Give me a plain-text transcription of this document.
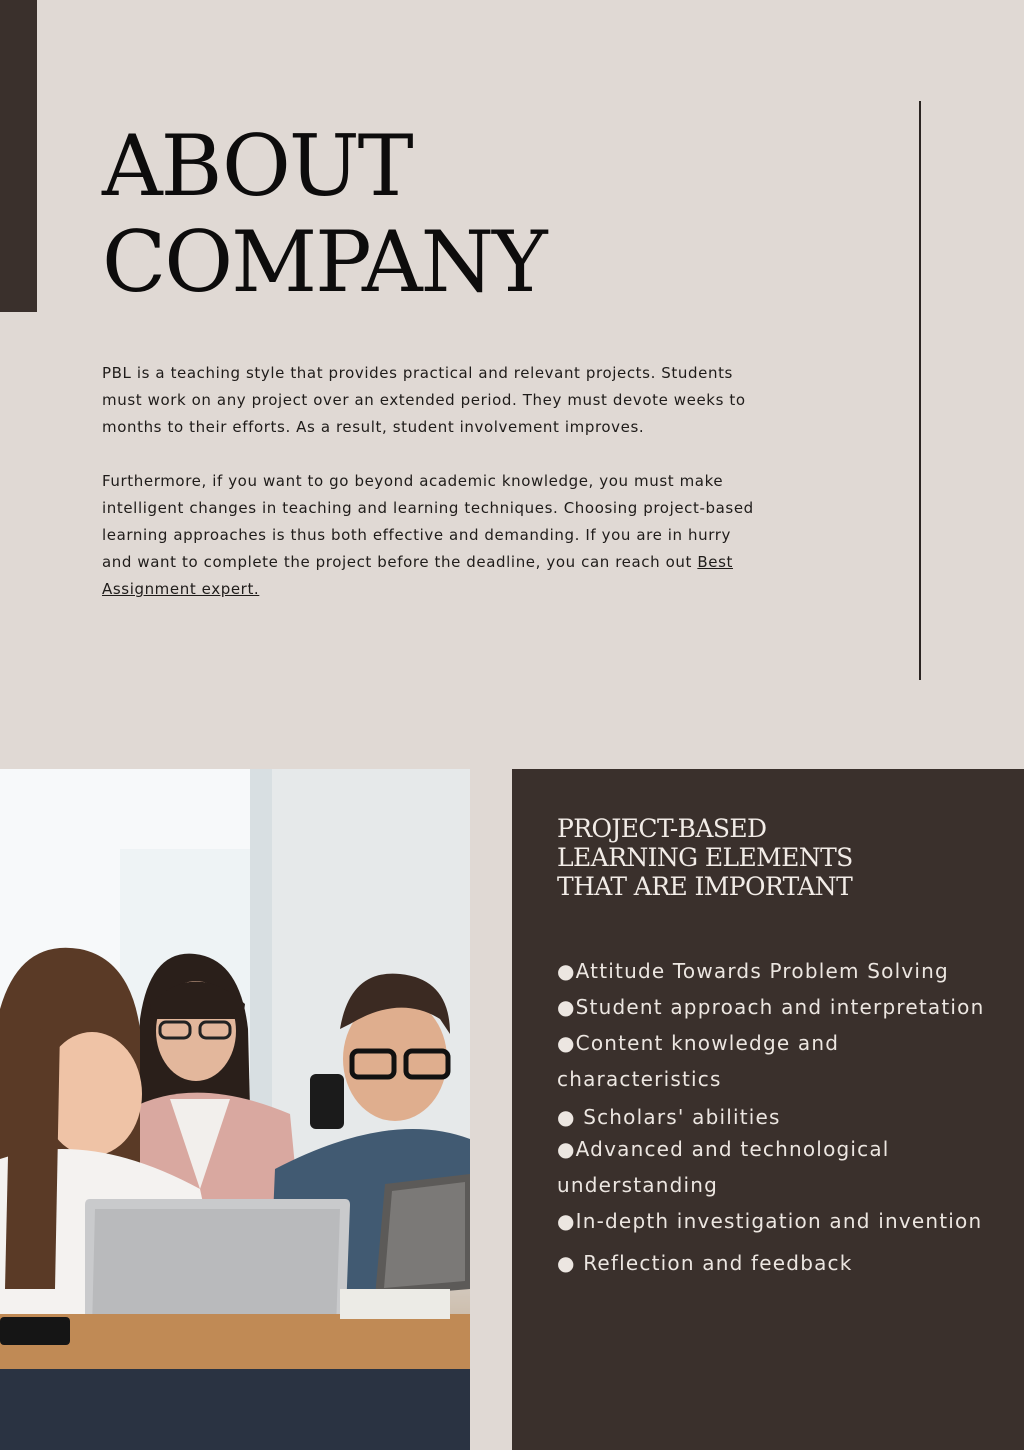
ABOUT
COMPANY

PBL is a teaching style that provides practical and relevant projects. Students must work on any project over an extended period. They must devote weeks to months to their efforts. As a result, student involvement improves.

Furthermore, if you want to go beyond academic knowledge, you must make intelligent changes in teaching and learning techniques. Choosing project-based learning approaches is thus both effective and demanding. If you are in hurry and want to complete the project before the deadline, you can reach out Best Assignment expert.

PROJECT-BASED
LEARNING ELEMENTS
THAT ARE IMPORTANT
●Attitude Towards Problem Solving
●Student approach and interpretation
●Content knowledge and characteristics
● Scholars' abilities
●Advanced and technological understanding
●In-depth investigation and invention
● Reflection and feedback
